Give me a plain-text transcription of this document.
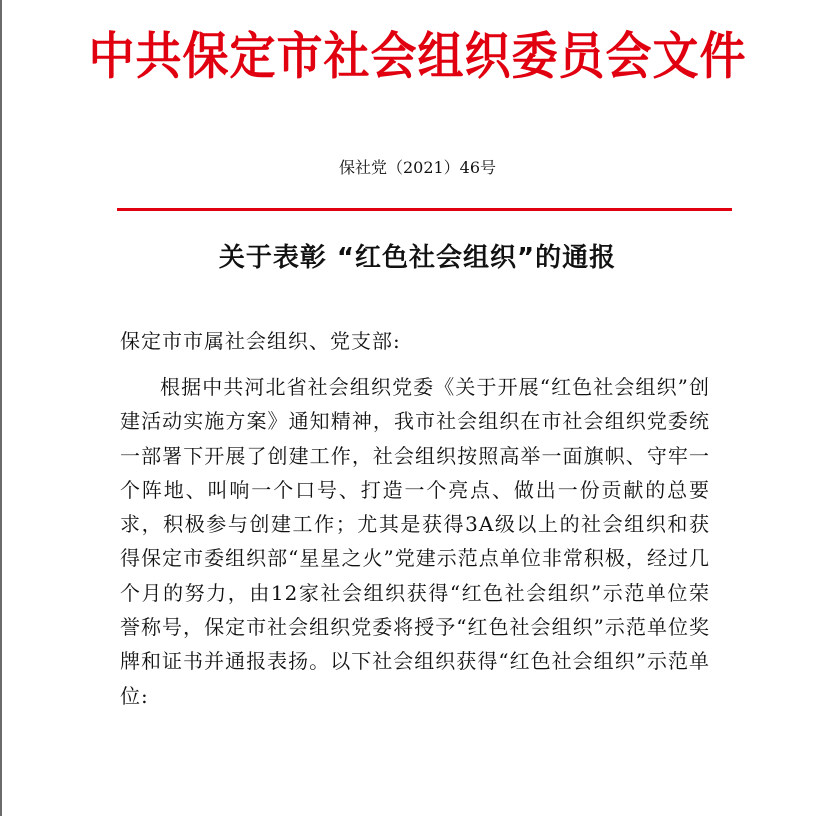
中共保定市社会组织委员会文件
保社党（2021）46号
关于表彰 “红色社会组织”的通报
保定市市属社会组织、党支部:

根据中共河北省社会组织党委《关于开展“红色社会组织”创建活动实施方案》通知精神，我市社会组织在市社会组织党委统一部署下开展了创建工作，社会组织按照高举一面旗帜、守牢一个阵地、叫响一个口号、打造一个亮点、做出一份贡献的总要求，积极参与创建工作；尤其是获得3A级以上的社会组织和获得保定市委组织部“星星之火”党建示范点单位非常积极，经过几个月的努力，由12家社会组织获得“红色社会组织”示范单位荣誉称号，保定市社会组织党委将授予“红色社会组织”示范单位奖牌和证书并通报表扬。以下社会组织获得“红色社会组织”示范单位:
